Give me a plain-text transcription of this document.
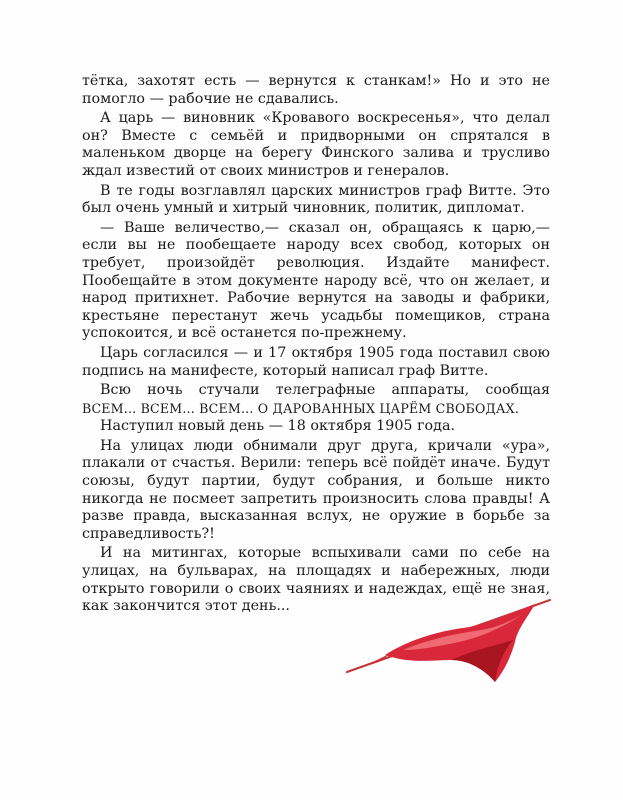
тётка, захотят есть — вернутся к станкам!» Но и это не помогло — рабочие не сдавались.

А царь — виновник «Кровавого воскресенья», что делал он? Вместе с семьёй и придворными он спрятался в маленьком дворце на берегу Финского залива и трусливо ждал известий от своих министров и генералов.

В те годы возглавлял царских министров граф Витте. Это был очень умный и хитрый чиновник, политик, дипломат.

— Ваше величество,— сказал он, обращаясь к царю,— если вы не пообещаете народу всех свобод, которых он требует, произойдёт революция. Издайте манифест. Пообещайте в этом документе народу всё, что он желает, и народ притихнет. Рабочие вернутся на заводы и фабрики, крестьяне перестанут жечь усадьбы помещиков, страна успокоится, и всё останется по-прежнему.

Царь согласился — и 17 октября 1905 года поставил свою подпись на манифесте, который написал граф Витте.

Всю ночь стучали телеграфные аппараты, сообщая ВСЕМ... ВСЕМ... ВСЕМ... О ДАРОВАННЫХ ЦАРЁМ СВОБОДАХ.

Наступил новый день — 18 октября 1905 года.

На улицах люди обнимали друг друга, кричали «ура», плакали от счастья. Верили: теперь всё пойдёт иначе. Будут союзы, будут партии, будут собрания, и больше никто никогда не посмеет запретить произносить слова правды! А разве правда, высказанная вслух, не оружие в борьбе за справедливость?!

И на митингах, которые вспыхивали сами по себе на улицах, на бульварах, на площадях и набережных, люди открыто говорили о своих чаяниях и надеждах, ещё не зная, как закончится этот день...
